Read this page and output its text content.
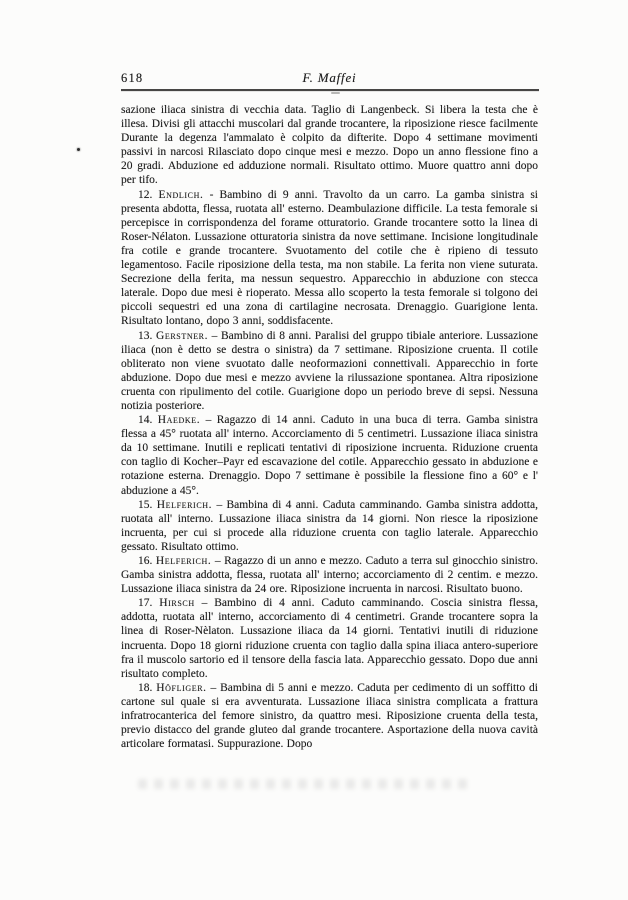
618	F. Maffei

sazione iliaca sinistra di vecchia data. Taglio di Langenbeck. Si libera la testa che è illesa. Divisi gli attacchi muscolari dal grande trocantere, la riposizione riesce facilmente Durante la degenza l'ammalato è colpito da difterite. Dopo 4 settimane movimenti passivi in narcosi Rilasciato dopo cinque mesi e mezzo. Dopo un anno flessione fino a 20 gradi. Abduzione ed adduzione normali. Risultato ottimo. Muore quattro anni dopo per tifo.

12. Endlich. - Bambino di 9 anni. Travolto da un carro. La gamba sinistra si presenta abdotta, flessa, ruotata all' esterno. Deambulazione difficile. La testa femorale si percepisce in corrispondenza del forame otturatorio. Grande trocantere sotto la linea di Roser-Nélaton. Lussazione otturatoria sinistra da nove settimane. Incisione longitudinale fra cotile e grande trocantere. Svuotamento del cotile che è ripieno di tessuto legamentoso. Facile riposizione della testa, ma non stabile. La ferita non viene suturata. Secrezione della ferita, ma nessun sequestro. Apparecchio in abduzione con stecca laterale. Dopo due mesi è rioperato. Messa allo scoperto la testa femorale si tolgono dei piccoli sequestri ed una zona di cartilagine necrosata. Drenaggio. Guarigione lenta. Risultato lontano, dopo 3 anni, soddisfacente.

13. Gerstner. – Bambino di 8 anni. Paralisi del gruppo tibiale anteriore. Lussazione iliaca (non è detto se destra o sinistra) da 7 settimane. Riposizione cruenta. Il cotile obliterato non viene svuotato dalle neoformazioni connettivali. Apparecchio in forte abduzione. Dopo due mesi e mezzo avviene la rilussazione spontanea. Altra riposizione cruenta con ripulimento del cotile. Guarigione dopo un periodo breve di sepsi. Nessuna notizia posteriore.

14. Haedke. – Ragazzo di 14 anni. Caduto in una buca di terra. Gamba sinistra flessa a 45° ruotata all' interno. Accorciamento di 5 centimetri. Lussazione iliaca sinistra da 10 settimane. Inutili e replicati tentativi di riposizione incruenta. Riduzione cruenta con taglio di Kocher–Payr ed escavazione del cotile. Apparecchio gessato in abduzione e rotazione esterna. Drenaggio. Dopo 7 settimane è possibile la flessione fino a 60° e l' abduzione a 45°.

15. Helferich. – Bambina di 4 anni. Caduta camminando. Gamba sinistra addotta, ruotata all' interno. Lussazione iliaca sinistra da 14 giorni. Non riesce la riposizione incruenta, per cui si procede alla riduzione cruenta con taglio laterale. Apparecchio gessato. Risultato ottimo.

16. Helferich. – Ragazzo di un anno e mezzo. Caduto a terra sul ginocchio sinistro. Gamba sinistra addotta, flessa, ruotata all' interno; accorciamento di 2 centim. e mezzo. Lussazione iliaca sinistra da 24 ore. Riposizione incruenta in narcosi. Risultato buono.

17. Hirsch – Bambino di 4 anni. Caduto camminando. Coscia sinistra flessa, addotta, ruotata all' interno, accorciamento di 4 centimetri. Grande trocantere sopra la linea di Roser-Nèlaton. Lussazione iliaca da 14 giorni. Tentativi inutili di riduzione incruenta. Dopo 18 giorni riduzione cruenta con taglio dalla spina iliaca antero-superiore fra il muscolo sartorio ed il tensore della fascia lata. Apparecchio gessato. Dopo due anni risultato completo.

18. Höfliger. – Bambina di 5 anni e mezzo. Caduta per cedimento di un soffitto di cartone sul quale si era avventurata. Lussazione iliaca sinistra complicata a frattura infratrocanterica del femore sinistro, da quattro mesi. Riposizione cruenta della testa, previo distacco del grande gluteo dal grande trocantere. Asportazione della nuova cavità articolare formatasi. Suppurazione. Dopo
